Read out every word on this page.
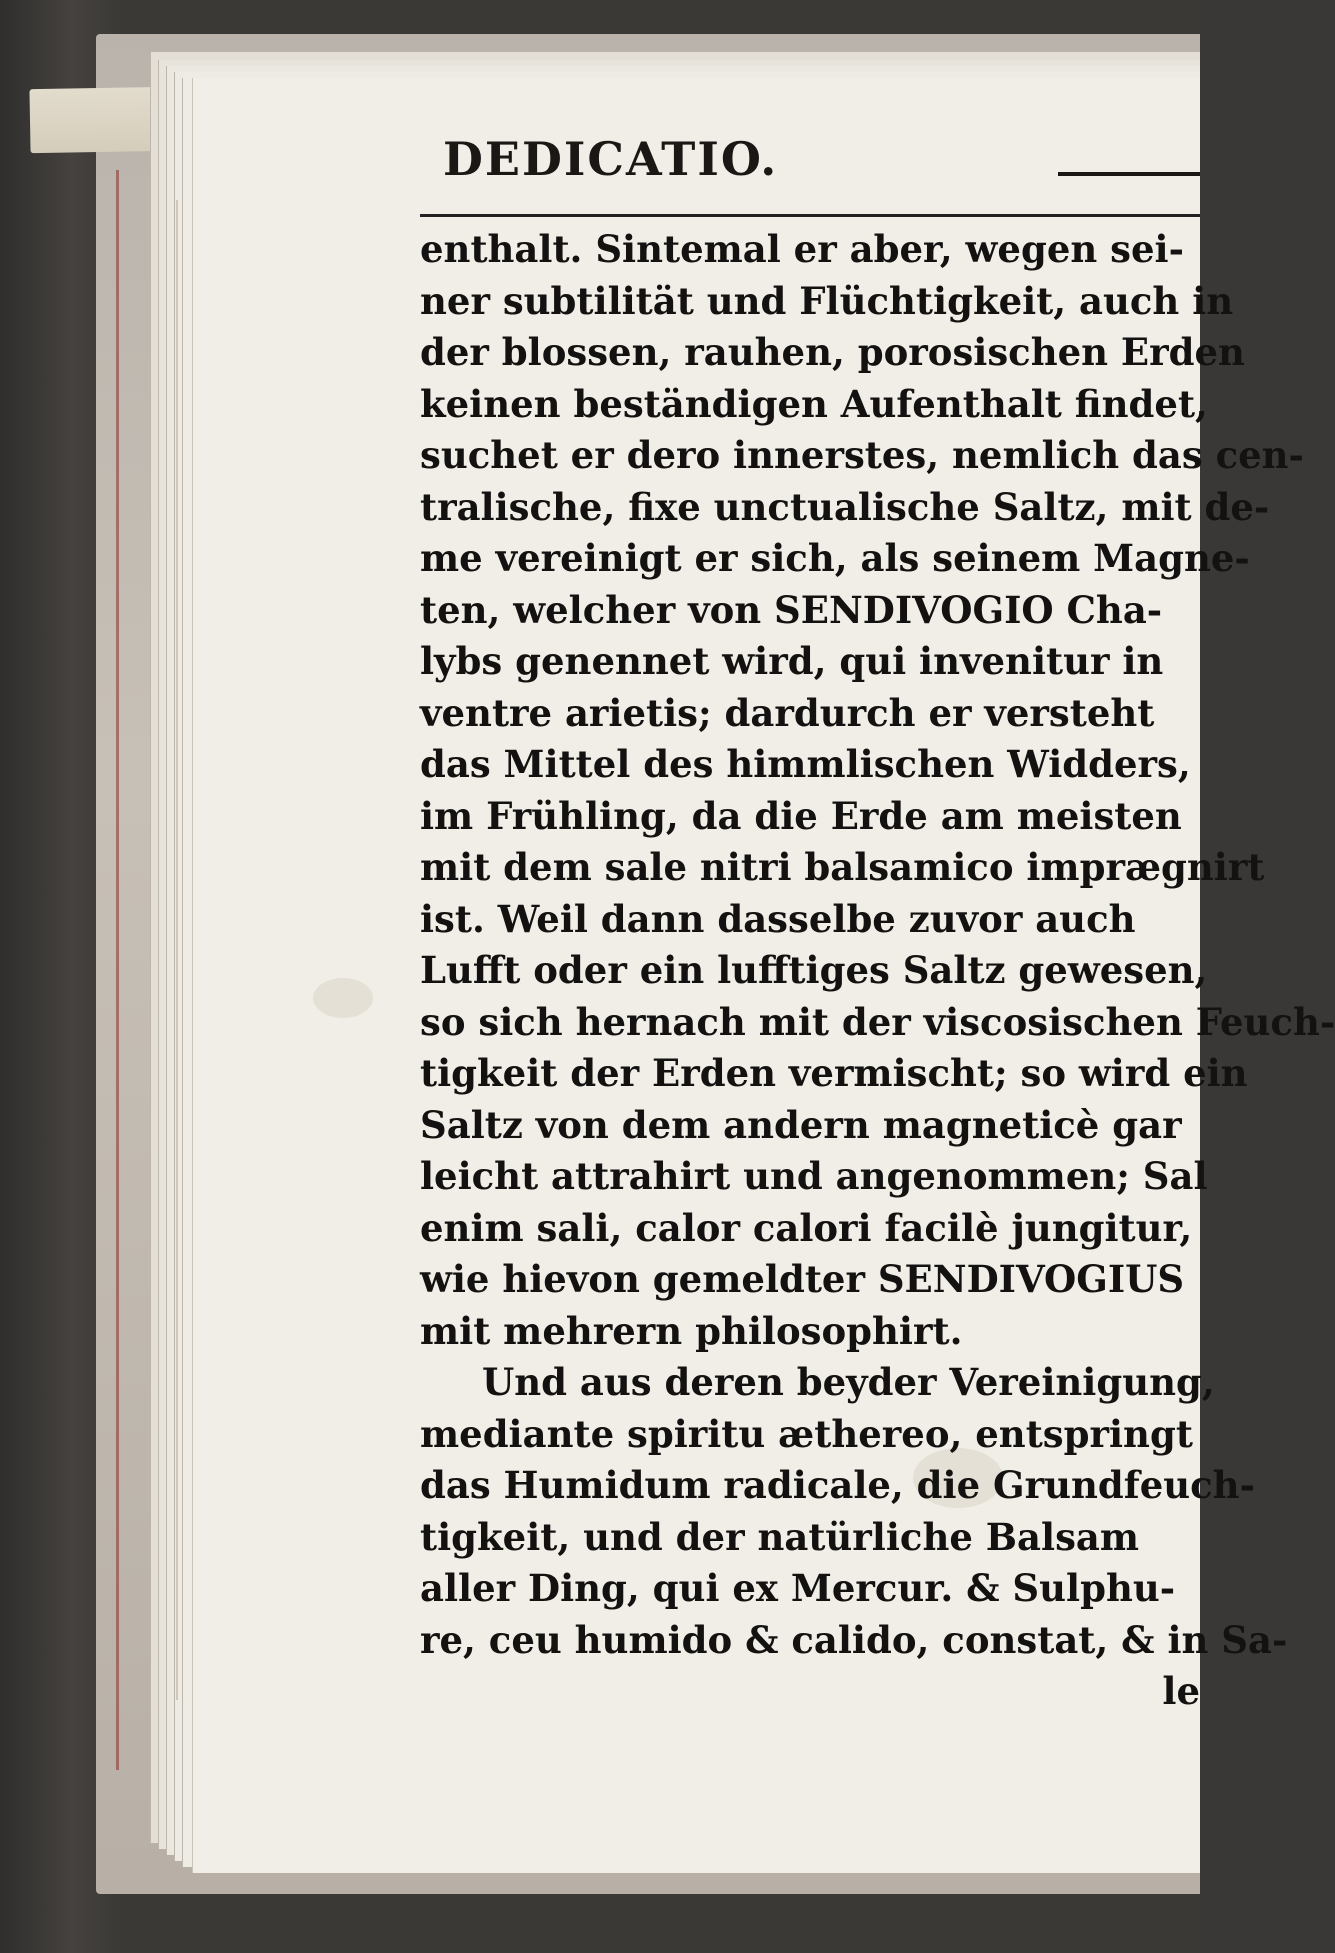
DEDICATIO.
enthalt. Sintemal er aber, wegen sei-
ner subtilität und Flüchtigkeit, auch in
der blossen, rauhen, porosischen Erden
keinen beständigen Aufenthalt findet,
suchet er dero innerstes, nemlich das cen-
tralische, fixe unctualische Saltz, mit de-
me vereinigt er sich, als seinem Magne-
ten, welcher von SENDIVOGIO Cha-
lybs genennet wird, qui invenitur in
ventre arietis; dardurch er versteht
das Mittel des himmlischen Widders,
im Frühling, da die Erde am meisten
mit dem sale nitri balsamico imprægnirt
ist. Weil dann dasselbe zuvor auch
Lufft oder ein lufftiges Saltz gewesen,
so sich hernach mit der viscosischen Feuch-
tigkeit der Erden vermischt; so wird ein
Saltz von dem andern magneticè gar
leicht attrahirt und angenommen; Sal
enim sali, calor calori facilè jungitur,
wie hievon gemeldter SENDIVOGIUS
mit mehrern philosophirt.
Und aus deren beyder Vereinigung,
mediante spiritu æthereo, entspringt
das Humidum radicale, die Grundfeuch-
tigkeit, und der natürliche Balsam
aller Ding, qui ex Mercur. & Sulphu-
re, ceu humido & calido, constat, & in Sa-
le
